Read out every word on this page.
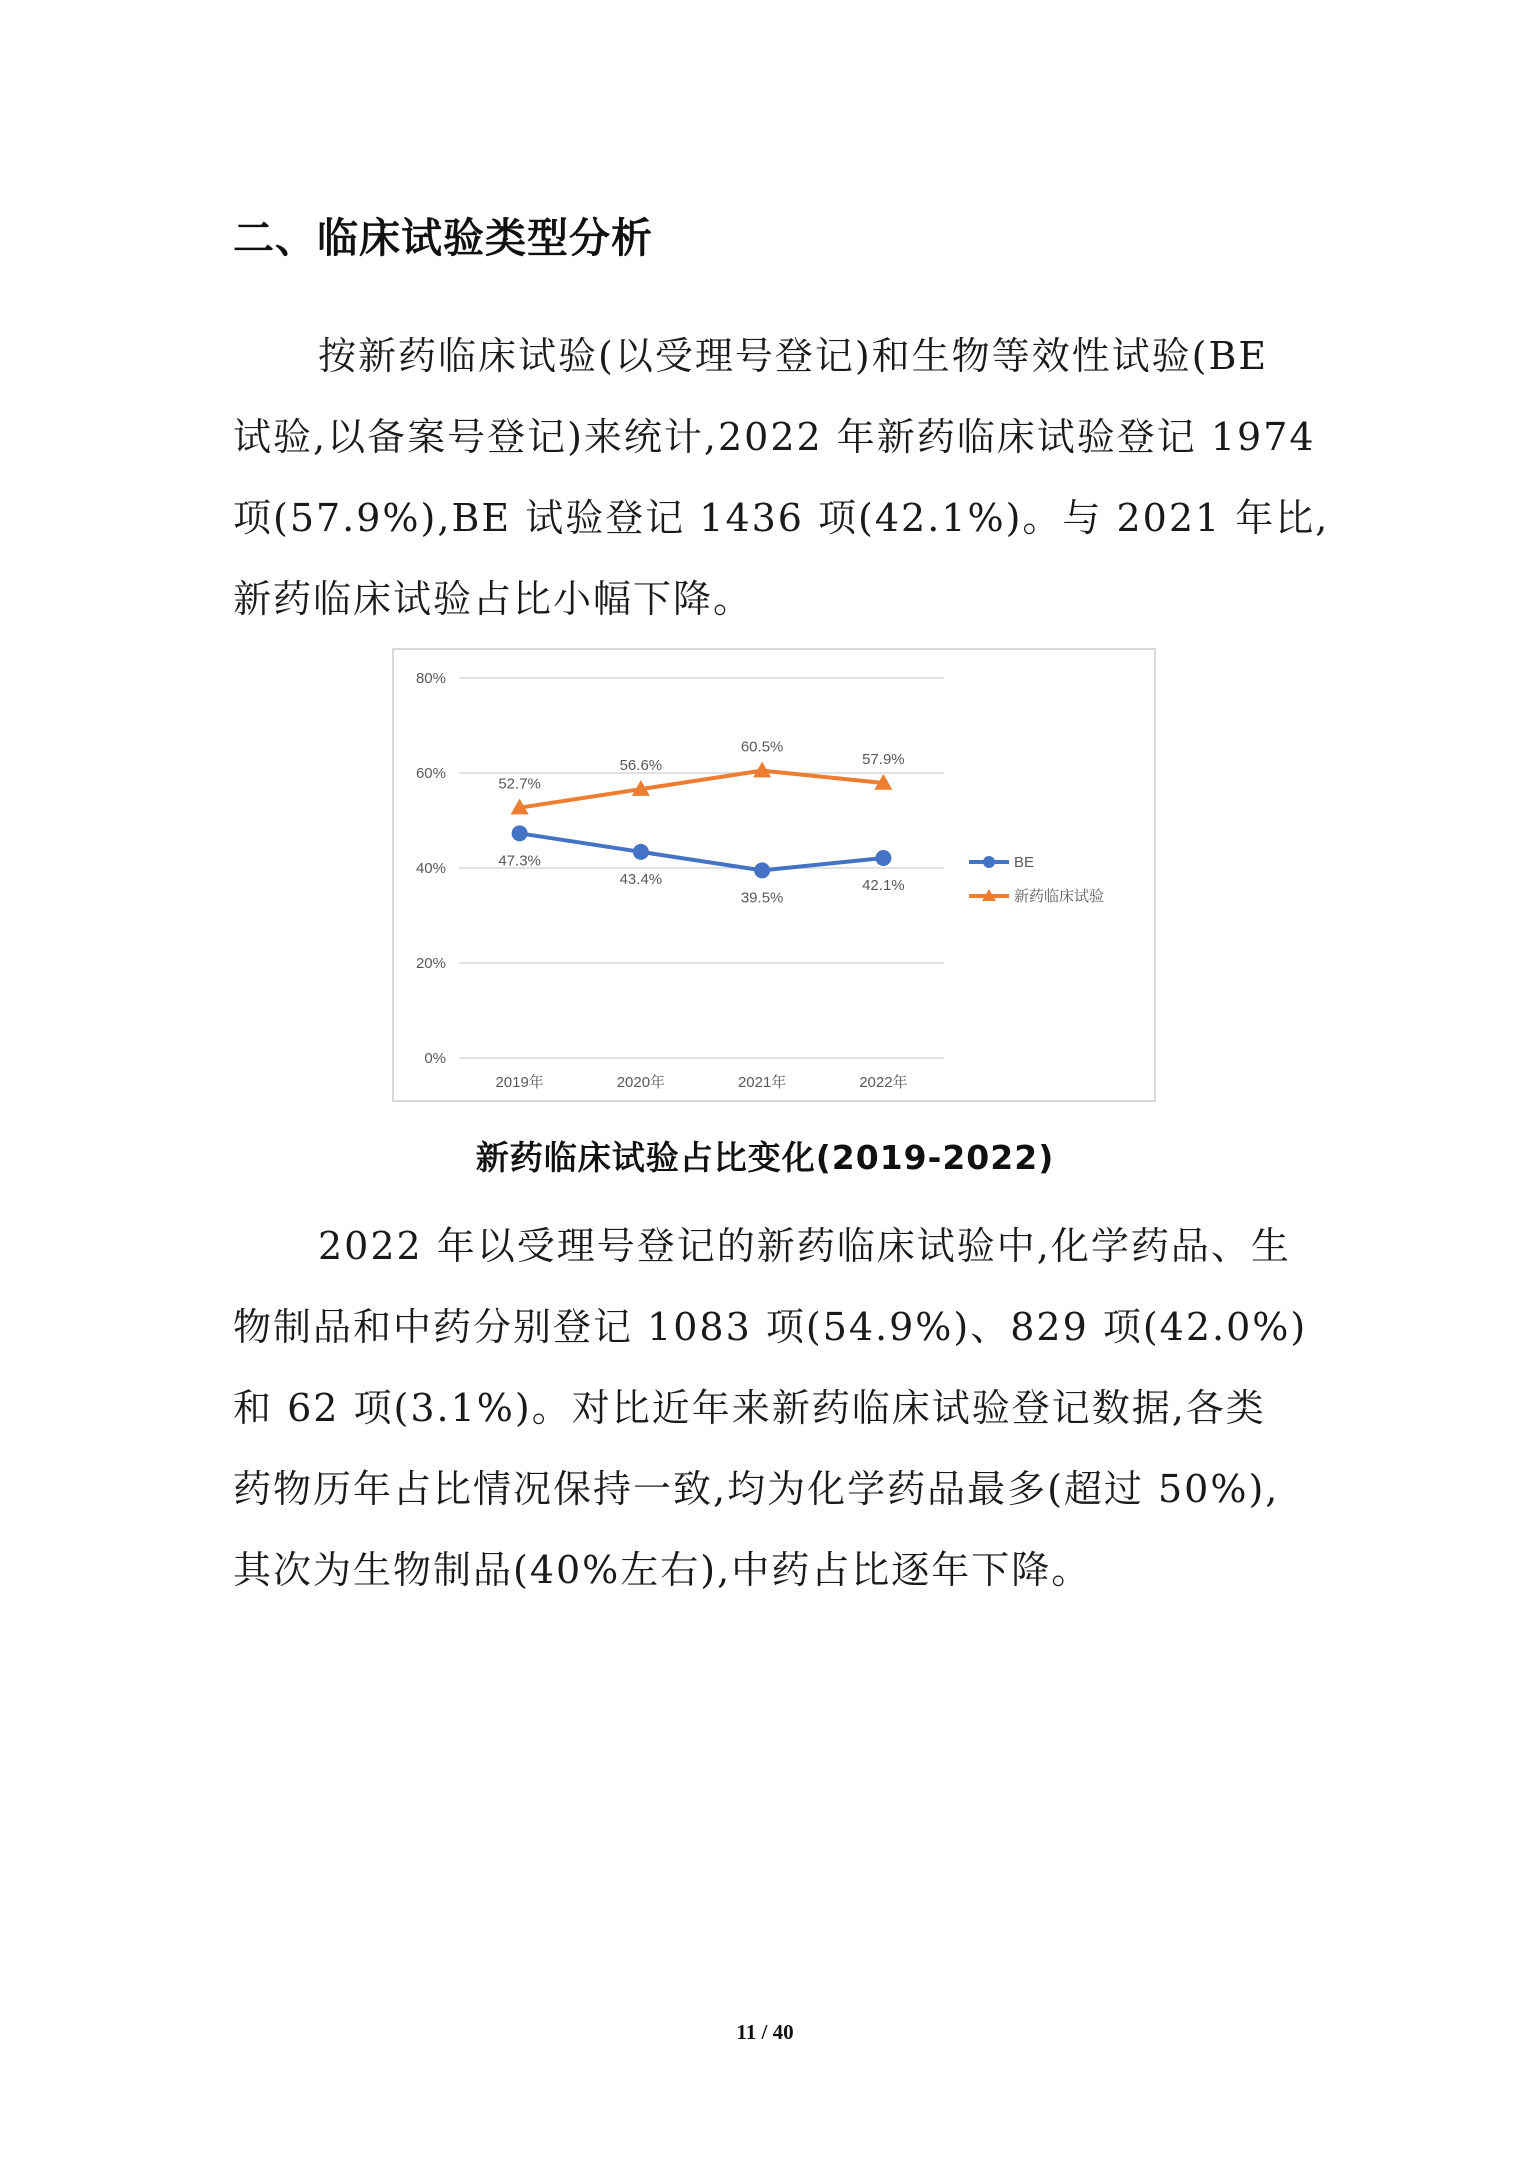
二、临床试验类型分析
按新药临床试验(以受理号登记)和生物等效性试验(BE
试验,以备案号登记)来统计,2022 年新药临床试验登记 1974
项(57.9%),BE 试验登记 1436 项(42.1%)。与 2021 年比,
新药临床试验占比小幅下降。
0%
20%
40%
60%
80%
2019年	2020年	2021年	2022年
47.3%
43.4%
39.5%
42.1%
52.7%
56.6%
60.5%
57.9%
BE
新药临床试验

新药临床试验占比变化(2019-2022)

2022 年以受理号登记的新药临床试验中,化学药品、生
物制品和中药分别登记 1083 项(54.9%)、829 项(42.0%)
和 62 项(3.1%)。对比近年来新药临床试验登记数据,各类
药物历年占比情况保持一致,均为化学药品最多(超过 50%),
其次为生物制品(40%左右),中药占比逐年下降。
11 / 40
